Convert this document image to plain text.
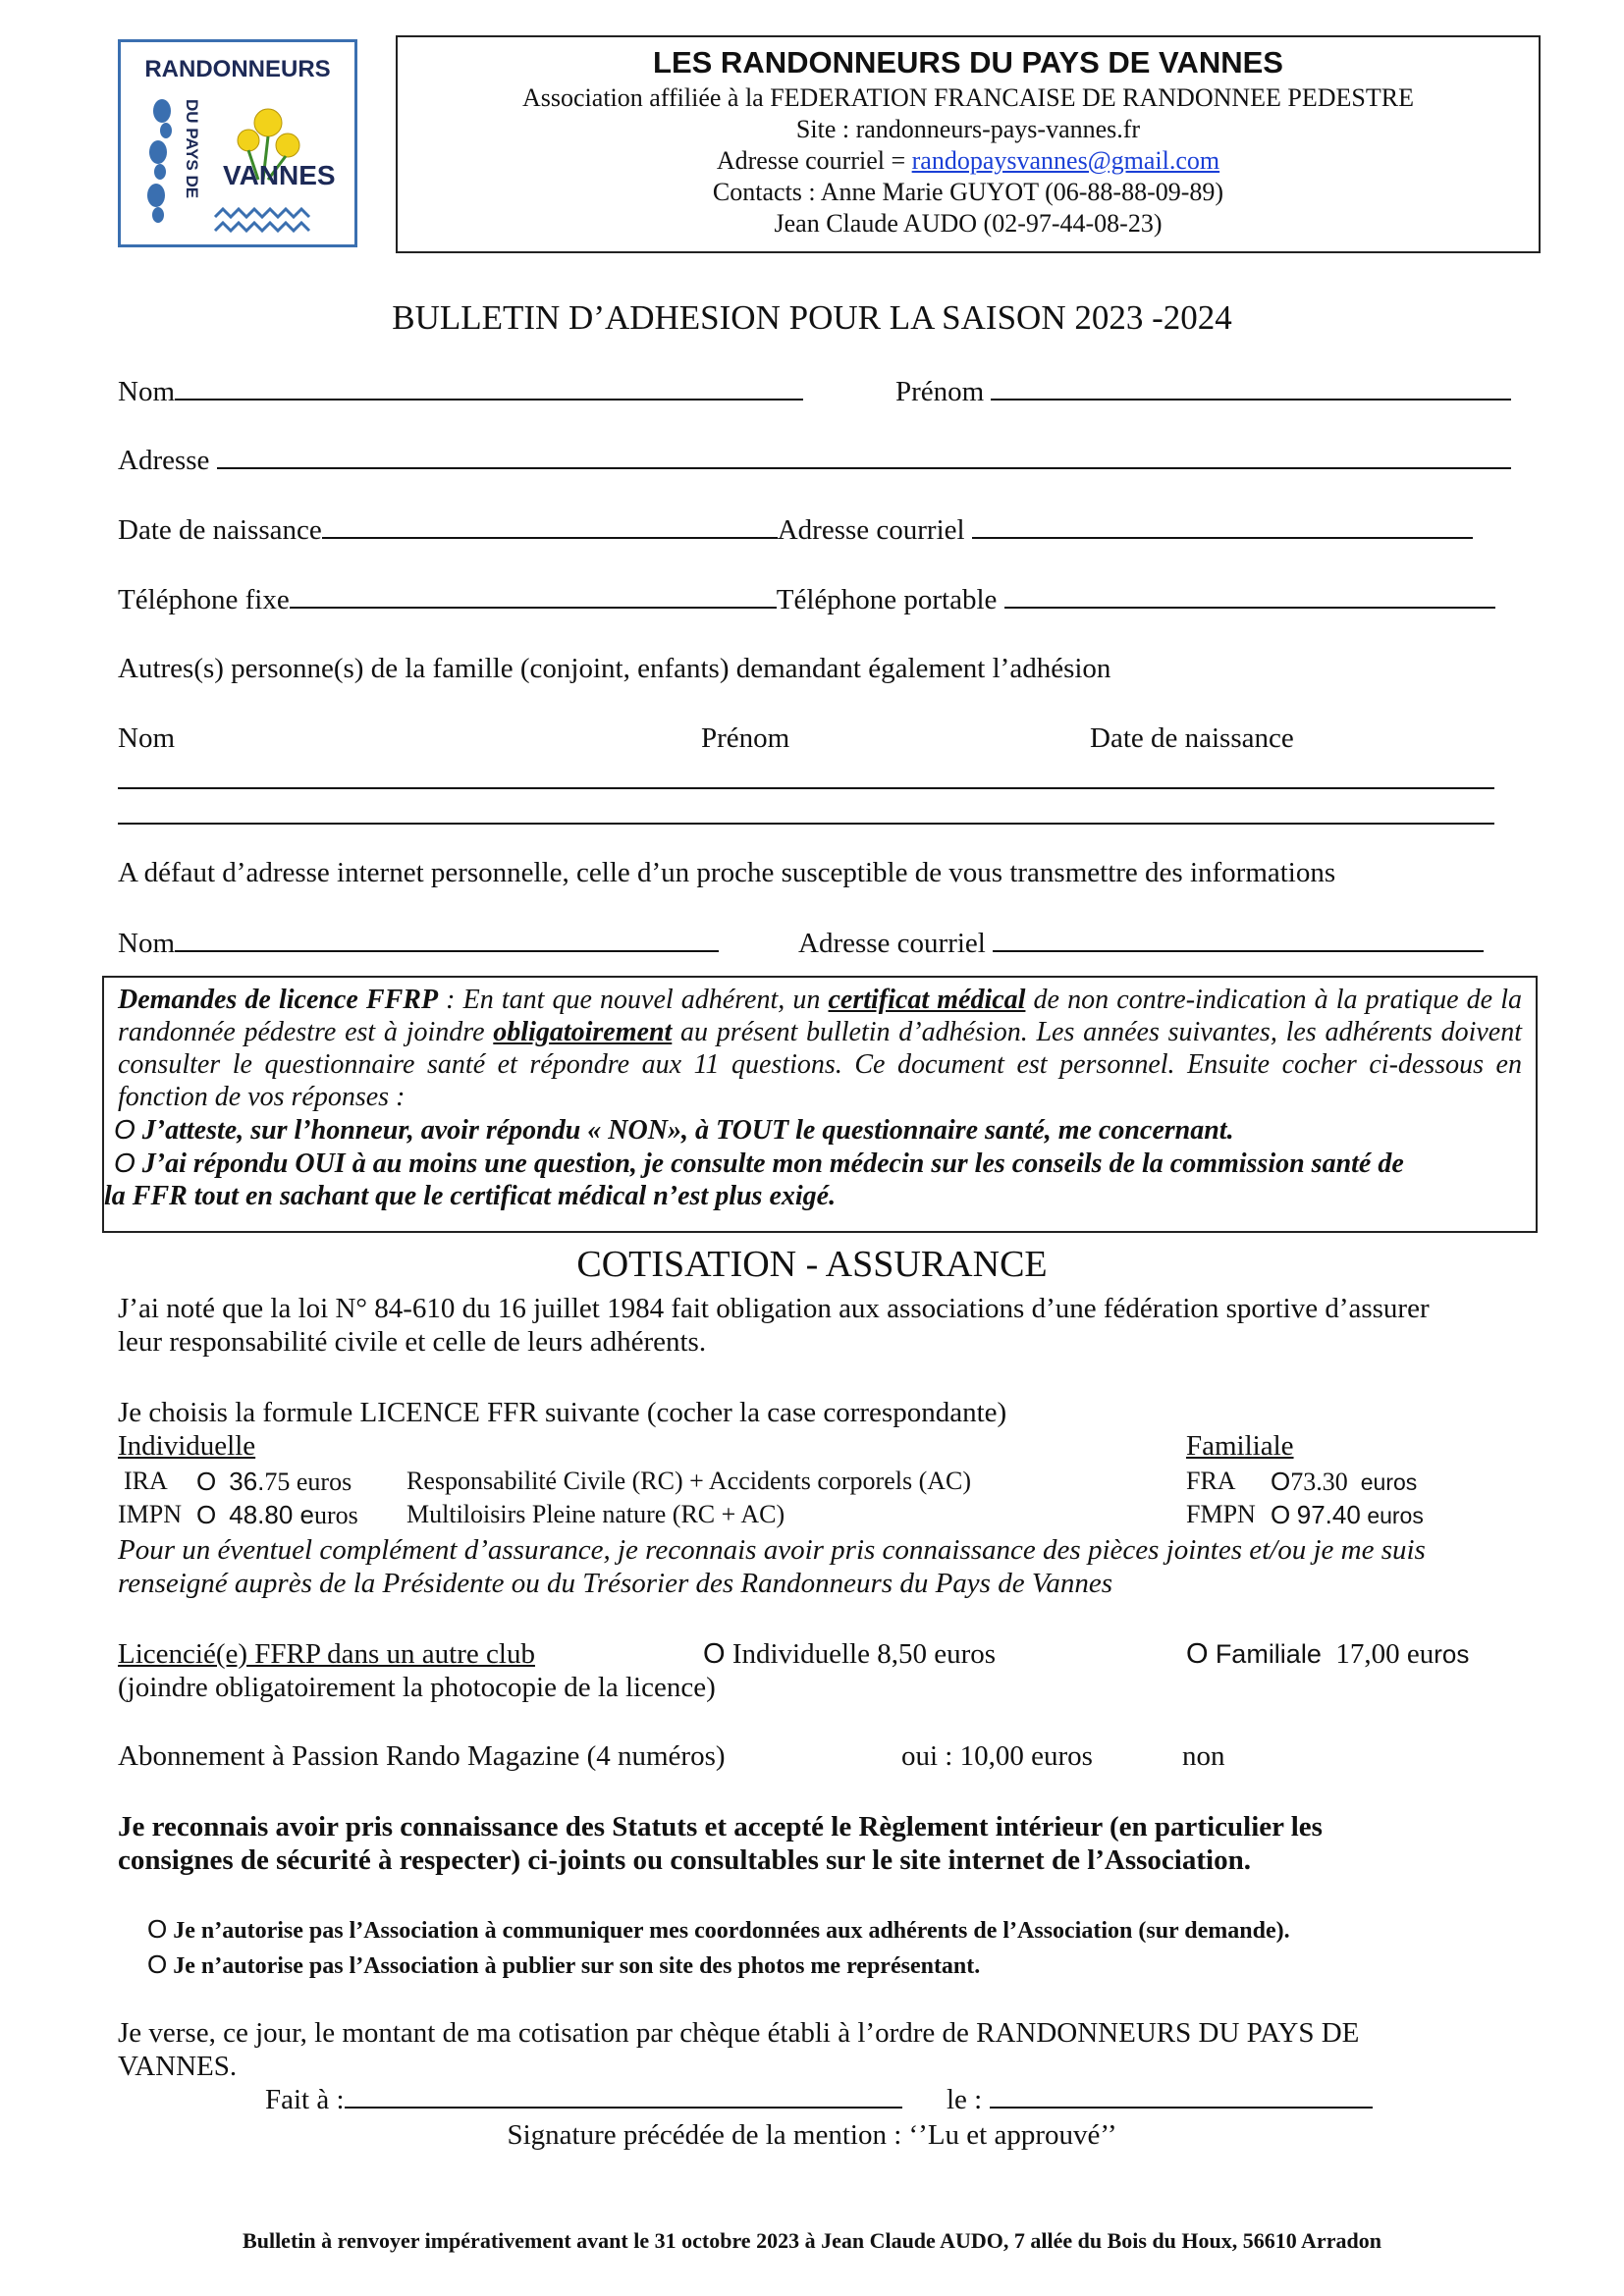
RANDONNEURS
DU PAYS DE VANNES
LES RANDONNEURS DU PAYS DE VANNES
Association affiliée à la FEDERATION FRANCAISE DE RANDONNEE PEDESTRE
Site : randonneurs-pays-vannes.fr
Adresse courriel = randopaysvannes@gmail.com
Contacts : Anne Marie GUYOT (06-88-88-09-89)
Jean Claude AUDO (02-97-44-08-23)
BULLETIN D’ADHESION POUR LA SAISON 2023 -2024
Nom	Prénom
Adresse
Date de naissance	Adresse courriel
Téléphone fixe	Téléphone portable
Autres(s) personne(s) de la famille (conjoint, enfants) demandant également l’adhésion
Nom	Prénom	Date de naissance
A défaut d’adresse internet personnelle, celle d’un proche susceptible de vous transmettre des informations
Nom	Adresse courriel

Demandes de licence FFRP : En tant que nouvel adhérent, un certificat médical de non contre-indication à la pratique de la randonnée pédestre est à joindre obligatoirement au présent bulletin d’adhésion. Les années suivantes, les adhérents doivent consulter le questionnaire santé et répondre aux 11 questions. Ce document est personnel. Ensuite cocher ci-dessous en fonction de vos réponses :

O J’atteste, sur l’honneur, avoir répondu « NON», à TOUT le questionnaire santé, me concernant.
O J’ai répondu OUI à au moins une question, je consulte mon médecin sur les conseils de la commission santé de
la FFR tout en sachant que le certificat médical n’est plus exigé.
COTISATION - ASSURANCE
J’ai noté que la loi N° 84-610 du 16 juillet 1984 fait obligation aux associations d’une fédération sportive d’assurer
leur responsabilité civile et celle de leurs adhérents.
Je choisis la formule LICENCE FFR suivante (cocher la case correspondante)
Individuelle	Familiale
IRA O 36.75 euros Responsabilité Civile (RC) + Accidents corporels (AC)	FRA O73.30 euros
IMPN O 48.80 euros Multiloisirs Pleine nature (RC + AC)	FMPN O 97.40 euros
Pour un éventuel complément d’assurance, je reconnais avoir pris connaissance des pièces jointes et/ou je me suis
renseigné auprès de la Présidente ou du Trésorier des Randonneurs du Pays de Vannes
Licencié(e) FFRP dans un autre club	O Individuelle 8,50 euros	O Familiale 17,00 euros
(joindre obligatoirement la photocopie de la licence)
Abonnement à Passion Rando Magazine (4 numéros)	oui : 10,00 euros	non
Je reconnais avoir pris connaissance des Statuts et accepté le Règlement intérieur (en particulier les
consignes de sécurité à respecter) ci-joints ou consultables sur le site internet de l’Association.
O Je n’autorise pas l’Association à communiquer mes coordonnées aux adhérents de l’Association (sur demande).
O Je n’autorise pas l’Association à publier sur son site des photos me représentant.
Je verse, ce jour, le montant de ma cotisation par chèque établi à l’ordre de RANDONNEURS DU PAYS DE
VANNES.
Fait à :	le :
Signature précédée de la mention : ‘’Lu et approuvé’’
Bulletin à renvoyer impérativement avant le 31 octobre 2023 à Jean Claude AUDO, 7 allée du Bois du Houx, 56610 Arradon
